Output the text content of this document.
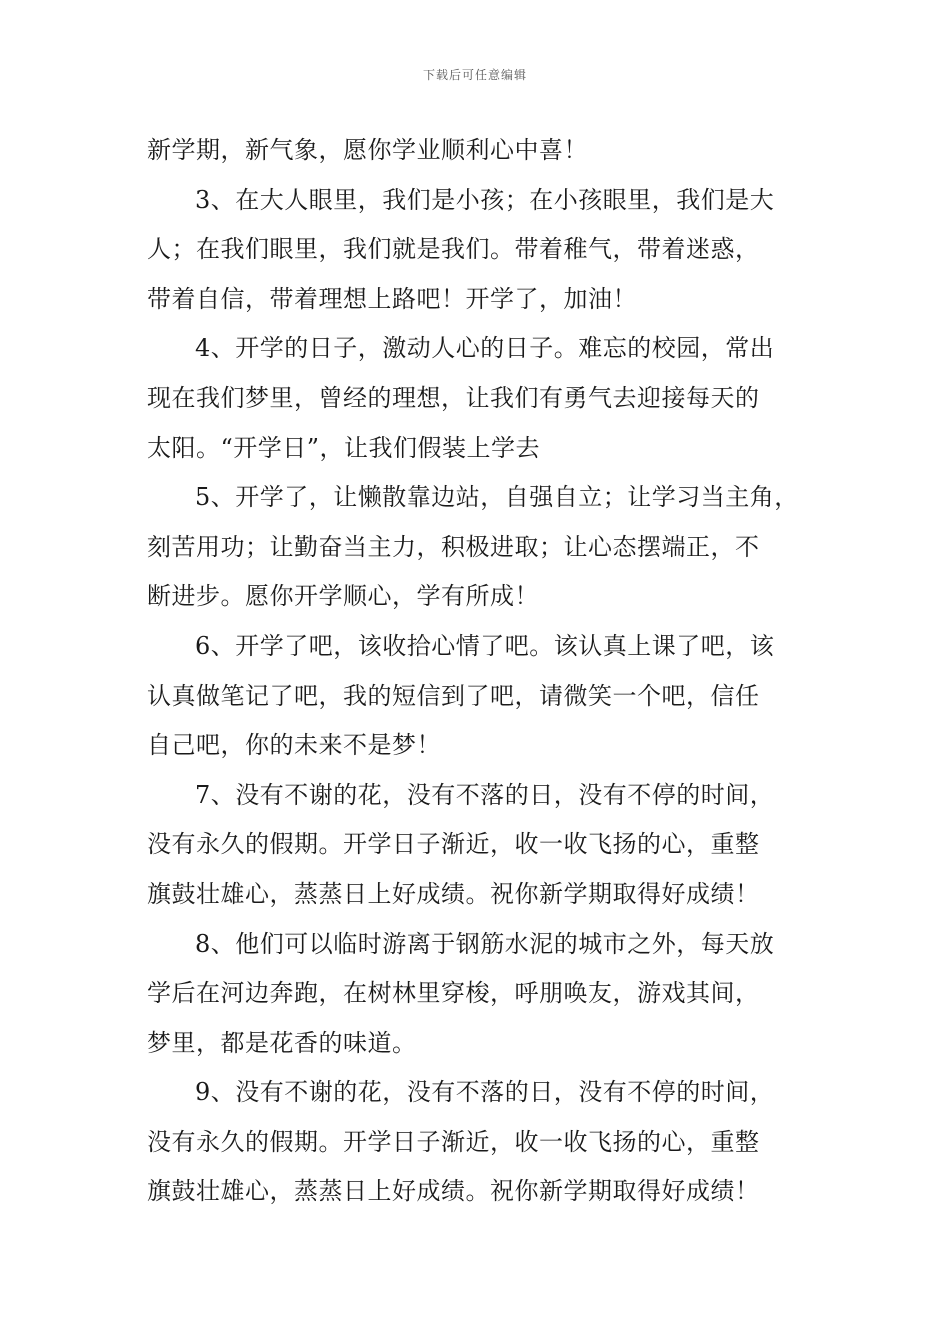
下载后可任意编辑
新学期，新气象，愿你学业顺利心中喜！
3、在大人眼里，我们是小孩；在小孩眼里，我们是大
人；在我们眼里，我们就是我们。带着稚气，带着迷惑，
带着自信，带着理想上路吧！开学了，加油！
4、开学的日子，激动人心的日子。难忘的校园，常出
现在我们梦里，曾经的理想，让我们有勇气去迎接每天的
太阳。“开学日”，让我们假装上学去
5、开学了，让懒散靠边站，自强自立；让学习当主角，
刻苦用功；让勤奋当主力，积极进取；让心态摆端正，不
断进步。愿你开学顺心，学有所成！
6、开学了吧，该收拾心情了吧。该认真上课了吧，该
认真做笔记了吧，我的短信到了吧，请微笑一个吧，信任
自己吧，你的未来不是梦！
7、没有不谢的花，没有不落的日，没有不停的时间，
没有永久的假期。开学日子渐近，收一收飞扬的心，重整
旗鼓壮雄心，蒸蒸日上好成绩。祝你新学期取得好成绩！
8、他们可以临时游离于钢筋水泥的城市之外，每天放
学后在河边奔跑，在树林里穿梭，呼朋唤友，游戏其间，
梦里，都是花香的味道。
9、没有不谢的花，没有不落的日，没有不停的时间，
没有永久的假期。开学日子渐近，收一收飞扬的心，重整
旗鼓壮雄心，蒸蒸日上好成绩。祝你新学期取得好成绩！
